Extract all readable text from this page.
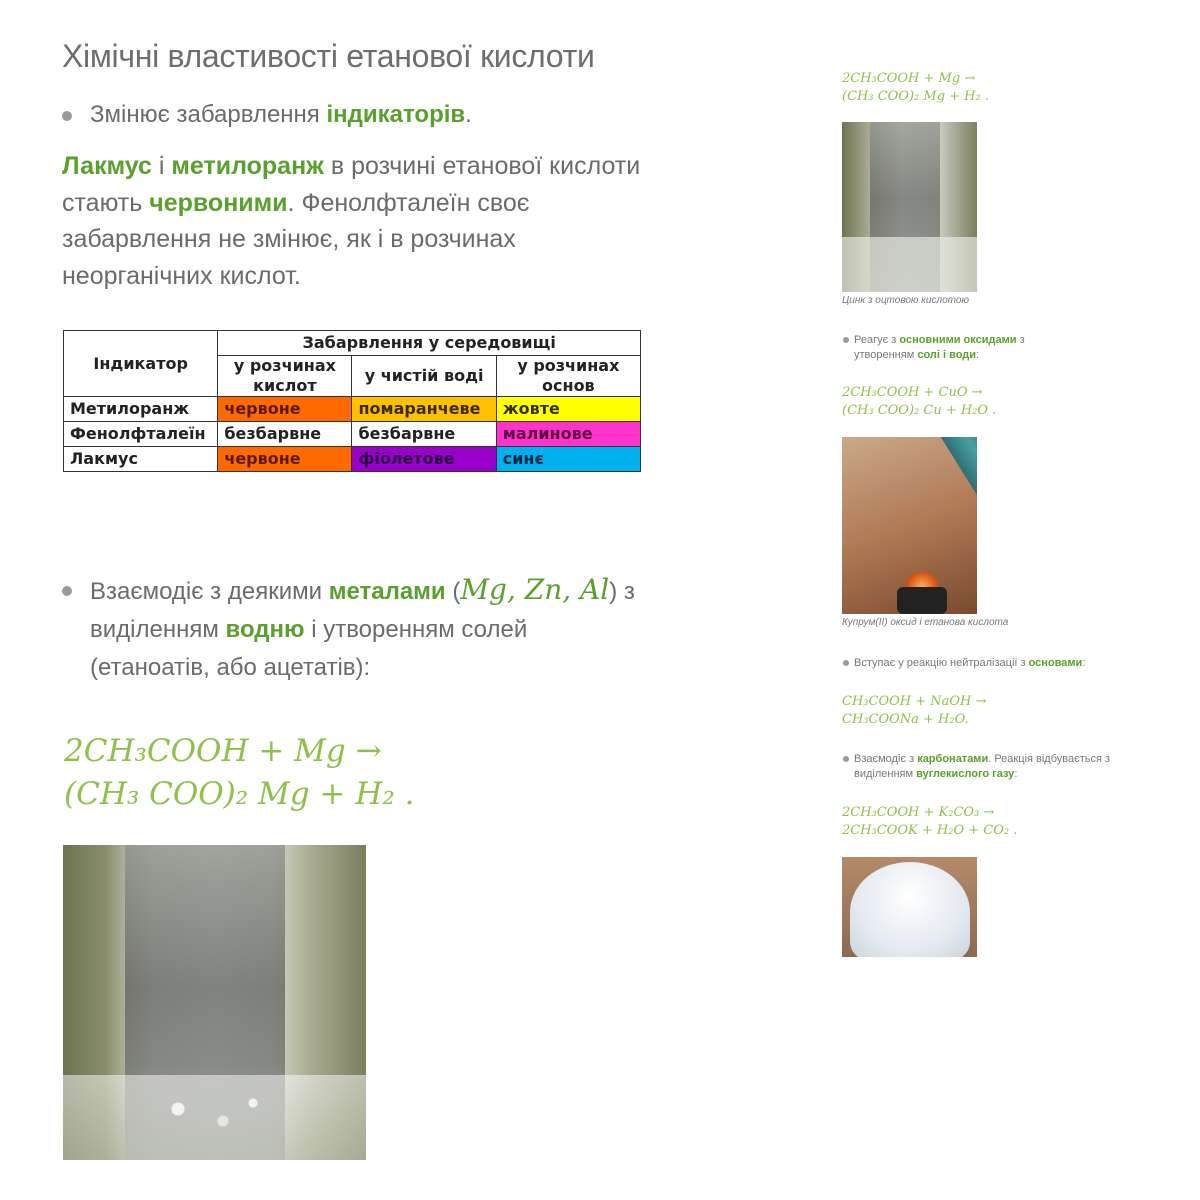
Хімічні властивості етанової кислоти
Змінює забарвлення індикаторів.
Лакмус і метилоранж в розчині етанової кислоти стають червоними. Фенолфталеїн своє забарвлення не змінює, як і в розчинах неорганічних кислот.
Індикатор	Забарвлення у середовищі		
	у розчинах кислот	у чистій воді	у розчинах основ
Метилоранж	червоне	помаранчеве	жовте
Фенолфталеїн	безбарвне	безбарвне	малинове
Лакмус	червоне	фіолетове	синє
Взаємодіє з деякими металами (Mg, Zn, Al) з виділенням водню і утворенням солей (етаноатів, або ацетатів):
2CH₃COOH + Mg →
(CH₃ COO)₂ Mg + H₂ .
2CH₃COOH + Mg →
(CH₃ COO)₂ Mg + H₂ .
Цинк з оцтовою кислотою
Реагує з основними оксидами з утворенням солі і води:
2CH₃COOH + CuO →
(CH₃ COO)₂ Cu + H₂O .
Купрум(II) оксид і етанова кислота
Вступає у реакцію нейтралізації з основами:
CH₃COOH + NaOH →
CH₃COONa + H₂O.
Взаємодіє з карбонатами. Реакція відбувається з виділенням вуглекислого газу:
2CH₃COOH + K₂CO₃ →
2CH₃COOK + H₂O + CO₂ .
